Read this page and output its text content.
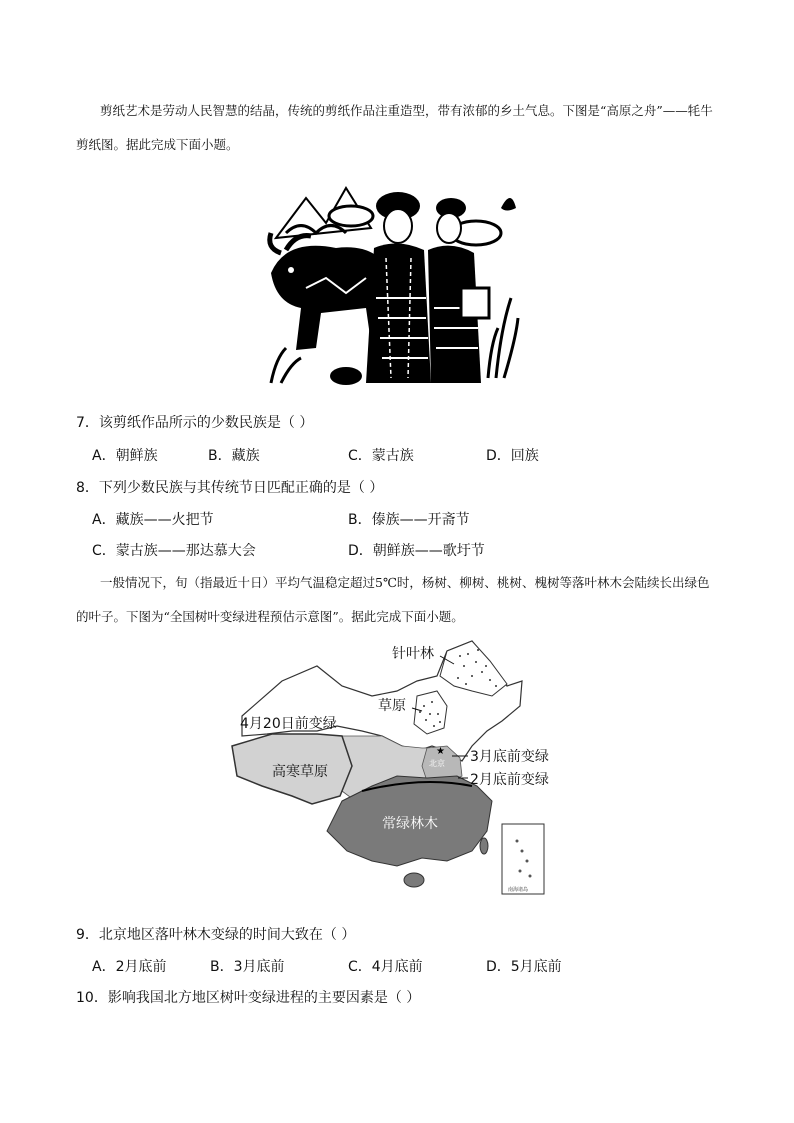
剪纸艺术是劳动人民智慧的结晶，传统的剪纸作品注重造型，带有浓郁的乡土气息。下图是“高原之舟”——牦牛剪纸图。据此完成下面小题。
7．该剪纸作品所示的少数民族是（ ）
A．朝鲜族	B．藏族	C．蒙古族	D．回族
8．下列少数民族与其传统节日匹配正确的是（ ）
A．藏族——火把节	B．傣族——开斋节
C．蒙古族——那达慕大会	D．朝鲜族——歌圩节
一般情况下，旬（指最近十日）平均气温稳定超过5℃时，杨树、柳树、桃树、槐树等落叶林木会陆续长出绿色的叶子。下图为“全国树叶变绿进程预估示意图”。据此完成下面小题。
★
针叶林
草原
4月20日前变绿
北京 3月底前变绿
2月底前变绿
高寒草原
常绿林木
南海诸岛
9．北京地区落叶林木变绿的时间大致在（ ）
A．2月底前	B．3月底前	C．4月底前	D．5月底前
10．影响我国北方地区树叶变绿进程的主要因素是（ ）
